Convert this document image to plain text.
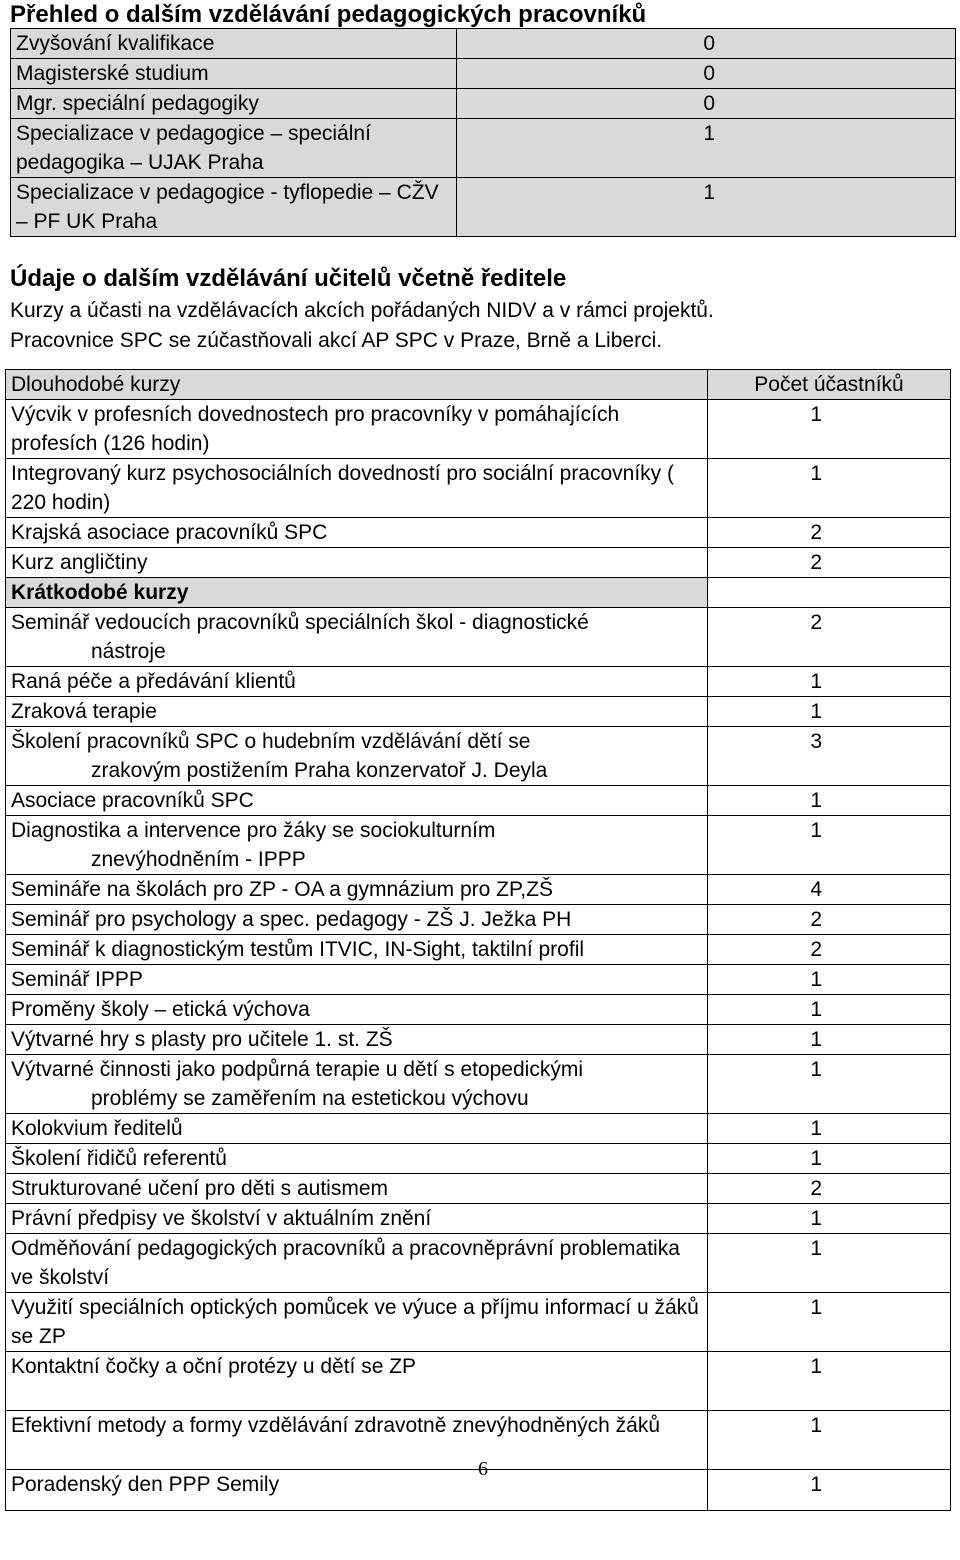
Přehled o dalším vzdělávání pedagogických pracovníků
Zvyšování kvalifikace	0
Magisterské studium	0
Mgr. speciální pedagogiky	0
Specializace v pedagogice – speciální pedagogika – UJAK Praha	1
Specializace v pedagogice - tyflopedie – CŽV – PF UK Praha	1
Údaje o dalším vzdělávání učitelů včetně ředitele
Kurzy a účasti na vzdělávacích akcích pořádaných NIDV a v rámci projektů.
Pracovnice SPC se zúčastňovali akcí AP SPC v Praze, Brně a Liberci.
Dlouhodobé kurzy	Počet účastníků
Výcvik v profesních dovednostech pro pracovníky v pomáhajících profesích (126 hodin)	1
Integrovaný kurz psychosociálních dovedností pro sociální pracovníky ( 220 hodin)	1
Krajská asociace pracovníků SPC	2
Kurz angličtiny	2
Krátkodobé kurzy	
Seminář vedoucích pracovníků speciálních škol - diagnostické
nástroje	2
Raná péče a předávání klientů	1
Zraková terapie	1
Školení pracovníků SPC o hudebním vzdělávání dětí se
zrakovým postižením Praha konzervatoř J. Deyla	3
Asociace pracovníků SPC	1
Diagnostika a intervence pro žáky se sociokulturním
znevýhodněním - IPPP	1
Semináře na školách pro ZP - OA a gymnázium pro ZP,ZŠ	4
Seminář pro psychology a spec. pedagogy - ZŠ J. Ježka PH	2
Seminář k diagnostickým testům ITVIC, IN-Sight, taktilní profil	2
Seminář IPPP	1
Proměny školy – etická výchova	1
Výtvarné hry s plasty pro učitele 1. st. ZŠ	1
Výtvarné činnosti jako podpůrná terapie u dětí s etopedickými
problémy se zaměřením na estetickou výchovu	1
Kolokvium ředitelů	1
Školení řidičů referentů	1
Strukturované učení pro děti s autismem	2
Právní předpisy ve školství v aktuálním znění	1
Odměňování pedagogických pracovníků a pracovněprávní problematika ve školství	1
Využití speciálních optických pomůcek ve výuce a příjmu informací u žáků se ZP	1
Kontaktní čočky a oční protézy u dětí se ZP	1
Efektivní metody a formy vzdělávání zdravotně znevýhodněných žáků	1
Poradenský den PPP Semily	1
6
